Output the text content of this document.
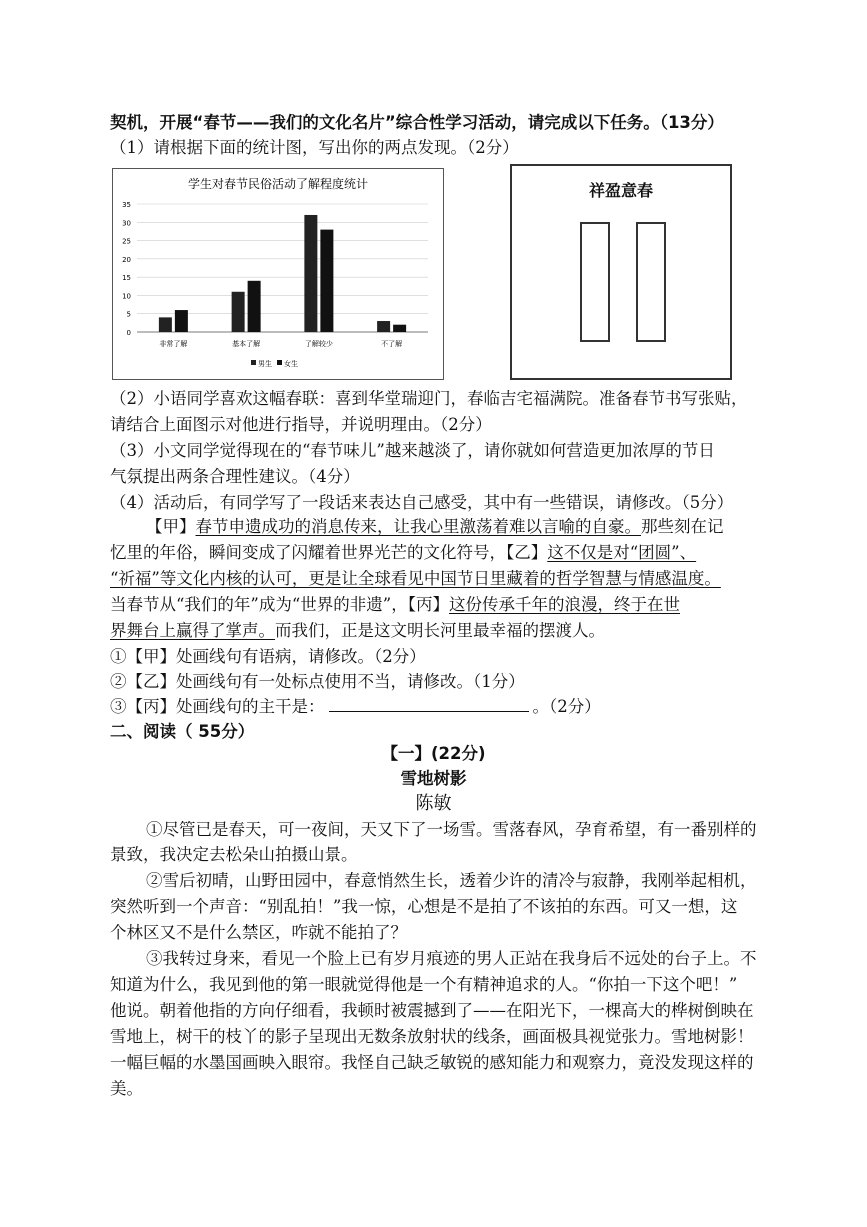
契机，开展“春节——我们的文化名片”综合性学习活动，请完成以下任务。（13分）
（1）请根据下面的统计图，写出你的两点发现。（2分）
学生对春节民俗活动了解程度统计
0
5
10
15
20
25
30
35
非常了解	基本了解	了解较少	不了解
男生 女生
祥盈意春
（2）小语同学喜欢这幅春联：喜到华堂瑞迎门，春临吉宅福满院。准备春节书写张贴，
请结合上面图示对他进行指导，并说明理由。（2分）
（3）小文同学觉得现在的“春节味儿”越来越淡了，请你就如何营造更加浓厚的节日
气氛提出两条合理性建议。（4分）
（4）活动后，有同学写了一段话来表达自己感受，其中有一些错误，请修改。（5分）
【甲】春节申遗成功的消息传来，让我心里激荡着难以言喻的自豪。那些刻在记
忆里的年俗，瞬间变成了闪耀着世界光芒的文化符号，【乙】这不仅是对“团圆”、
“祈福”等文化内核的认可，更是让全球看见中国节日里藏着的哲学智慧与情感温度。
当春节从“我们的年”成为“世界的非遗”，【丙】这份传承千年的浪漫，终于在世
界舞台上赢得了掌声。而我们，正是这文明长河里最幸福的摆渡人。
①【甲】处画线句有语病，请修改。（2分）
②【乙】处画线句有一处标点使用不当，请修改。（1分）
③【丙】处画线句的主干是：	。（2分）
二、阅读（ 55分）
【一】(22分)
雪地树影
陈敏
①尽管已是春天，可一夜间，天又下了一场雪。雪落春风，孕育希望，有一番别样的
景致，我决定去松朵山拍摄山景。
②雪后初晴，山野田园中，春意悄然生长，透着少许的清冷与寂静，我刚举起相机，
突然听到一个声音：“别乱拍！”我一惊，心想是不是拍了不该拍的东西。可又一想，这
个林区又不是什么禁区，咋就不能拍了？
③我转过身来，看见一个脸上已有岁月痕迹的男人正站在我身后不远处的台子上。不
知道为什么，我见到他的第一眼就觉得他是一个有精神追求的人。“你拍一下这个吧！”
他说。朝着他指的方向仔细看，我顿时被震撼到了——在阳光下，一棵高大的桦树倒映在
雪地上，树干的枝丫的影子呈现出无数条放射状的线条，画面极具视觉张力。雪地树影！
一幅巨幅的水墨国画映入眼帘。我怪自己缺乏敏锐的感知能力和观察力，竟没发现这样的
美。
